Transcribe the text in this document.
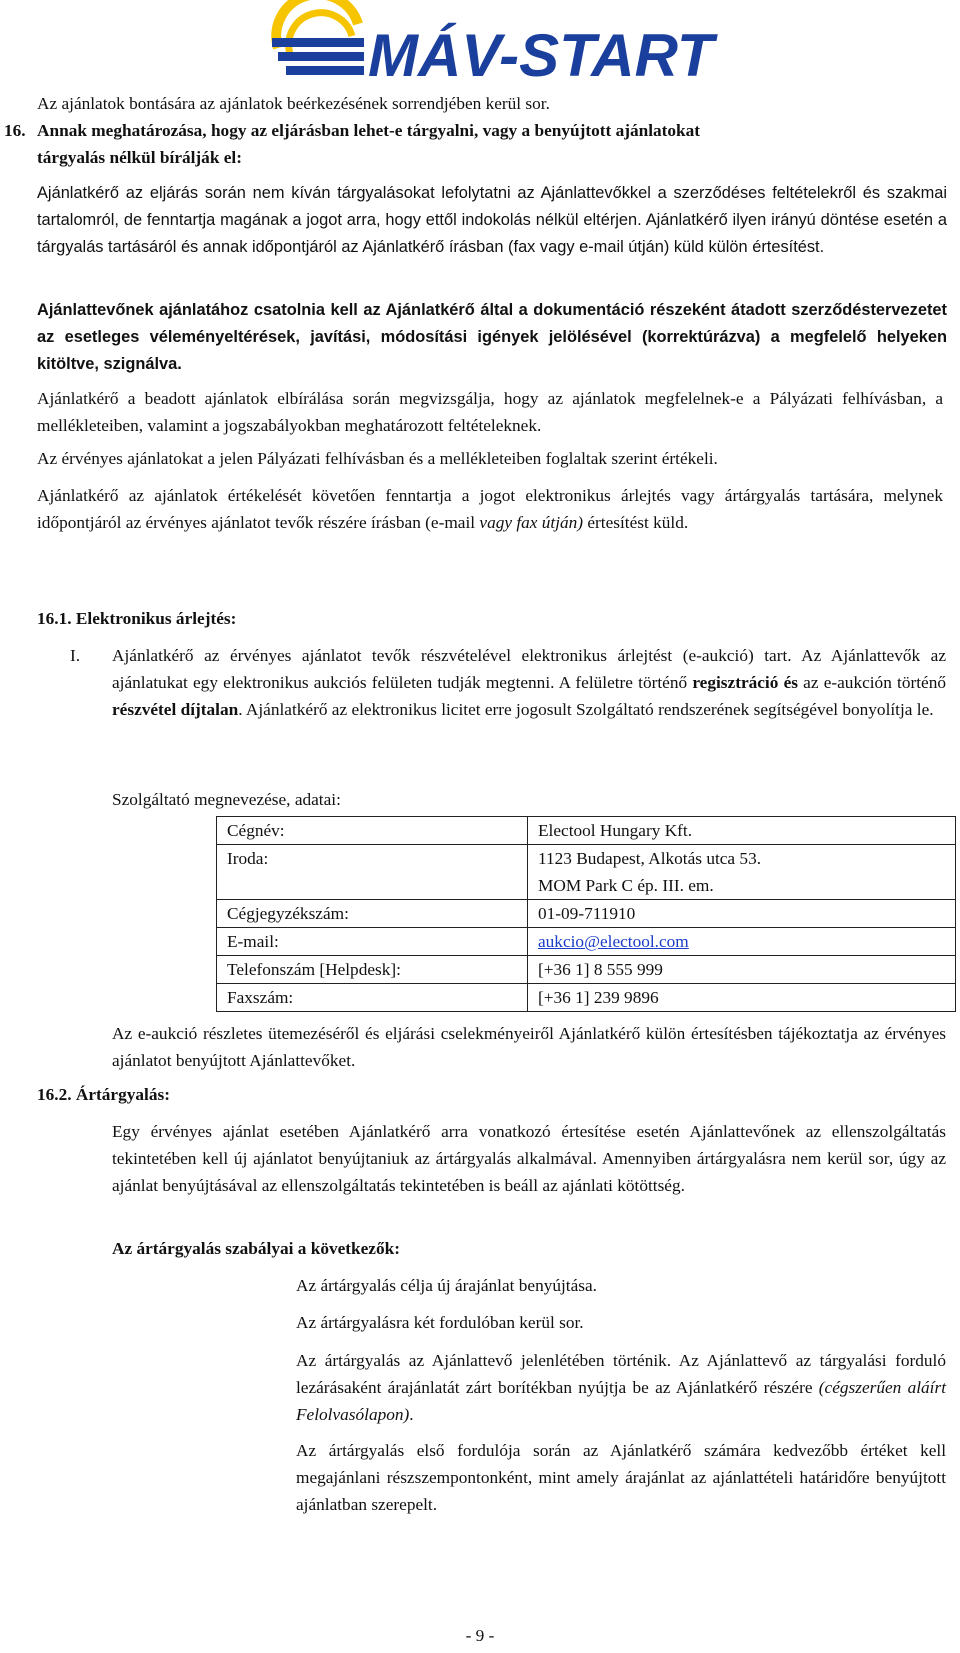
MÁV-START

Az ajánlatok bontására az ajánlatok beérkezésének sorrendjében kerül sor.

16. Annak meghatározása, hogy az eljárásban lehet-e tárgyalni, vagy a benyújtott ajánlatokat

tárgyalás nélkül bírálják el:

Ajánlatkérő az eljárás során nem kíván tárgyalásokat lefolytatni az Ajánlattevőkkel a szerződéses feltételekről és szakmai tartalomról, de fenntartja magának a jogot arra, hogy ettől indokolás nélkül eltérjen. Ajánlatkérő ilyen irányú döntése esetén a tárgyalás tartásáról és annak időpontjáról az Ajánlatkérő írásban (fax vagy e-mail útján) küld külön értesítést.

Ajánlattevőnek ajánlatához csatolnia kell az Ajánlatkérő által a dokumentáció részeként átadott szerződéstervezetet az esetleges véleményeltérések, javítási, módosítási igények jelölésével (korrektúrázva) a megfelelő helyeken kitöltve, szignálva.

Ajánlatkérő a beadott ajánlatok elbírálása során megvizsgálja, hogy az ajánlatok megfelelnek-e a Pályázati felhívásban, a mellékleteiben, valamint a jogszabályokban meghatározott feltételeknek.

Az érvényes ajánlatokat a jelen Pályázati felhívásban és a mellékleteiben foglaltak szerint értékeli.

Ajánlatkérő az ajánlatok értékelését követően fenntartja a jogot elektronikus árlejtés vagy ártárgyalás tartására, melynek időpontjáról az érvényes ajánlatot tevők részére írásban (e-mail vagy fax útján) értesítést küld.

16.1. Elektronikus árlejtés:

I. Ajánlatkérő az érvényes ajánlatot tevők részvételével elektronikus árlejtést (e-aukció) tart. Az Ajánlattevők az ajánlatukat egy elektronikus aukciós felületen tudják megtenni. A felületre történő regisztráció és az e-aukción történő részvétel díjtalan. Ajánlatkérő az elektronikus licitet erre jogosult Szolgáltató rendszerének segítségével bonyolítja le.

Szolgáltató megnevezése, adatai:

Cégnév:	Electool Hungary Kft.
Iroda:	1123 Budapest, Alkotás utca 53.
MOM Park C ép. III. em.

Cégjegyzékszám:	01-09-711910
E-mail:	aukcio@electool.com
Telefonszám [Helpdesk]:	[+36 1] 8 555 999
Faxszám:	[+36 1] 239 9896

Az e-aukció részletes ütemezéséről és eljárási cselekményeiről Ajánlatkérő külön értesítésben tájékoztatja az érvényes ajánlatot benyújtott Ajánlattevőket.

16.2. Ártárgyalás:

Egy érvényes ajánlat esetében Ajánlatkérő arra vonatkozó értesítése esetén Ajánlattevőnek az ellenszolgáltatás tekintetében kell új ajánlatot benyújtaniuk az ártárgyalás alkalmával. Amennyiben ártárgyalásra nem kerül sor, úgy az ajánlat benyújtásával az ellenszolgáltatás tekintetében is beáll az ajánlati kötöttség.

Az ártárgyalás szabályai a következők:

Az ártárgyalás célja új árajánlat benyújtása.

Az ártárgyalásra két fordulóban kerül sor.

Az ártárgyalás az Ajánlattevő jelenlétében történik. Az Ajánlattevő az tárgyalási forduló lezárásaként árajánlatát zárt borítékban nyújtja be az Ajánlatkérő részére (cégszerűen aláírt Felolvasólapon).

Az ártárgyalás első fordulója során az Ajánlatkérő számára kedvezőbb értéket kell megajánlani részszempontonként, mint amely árajánlat az ajánlattételi határidőre benyújtott ajánlatban szerepelt.

- 9 -
